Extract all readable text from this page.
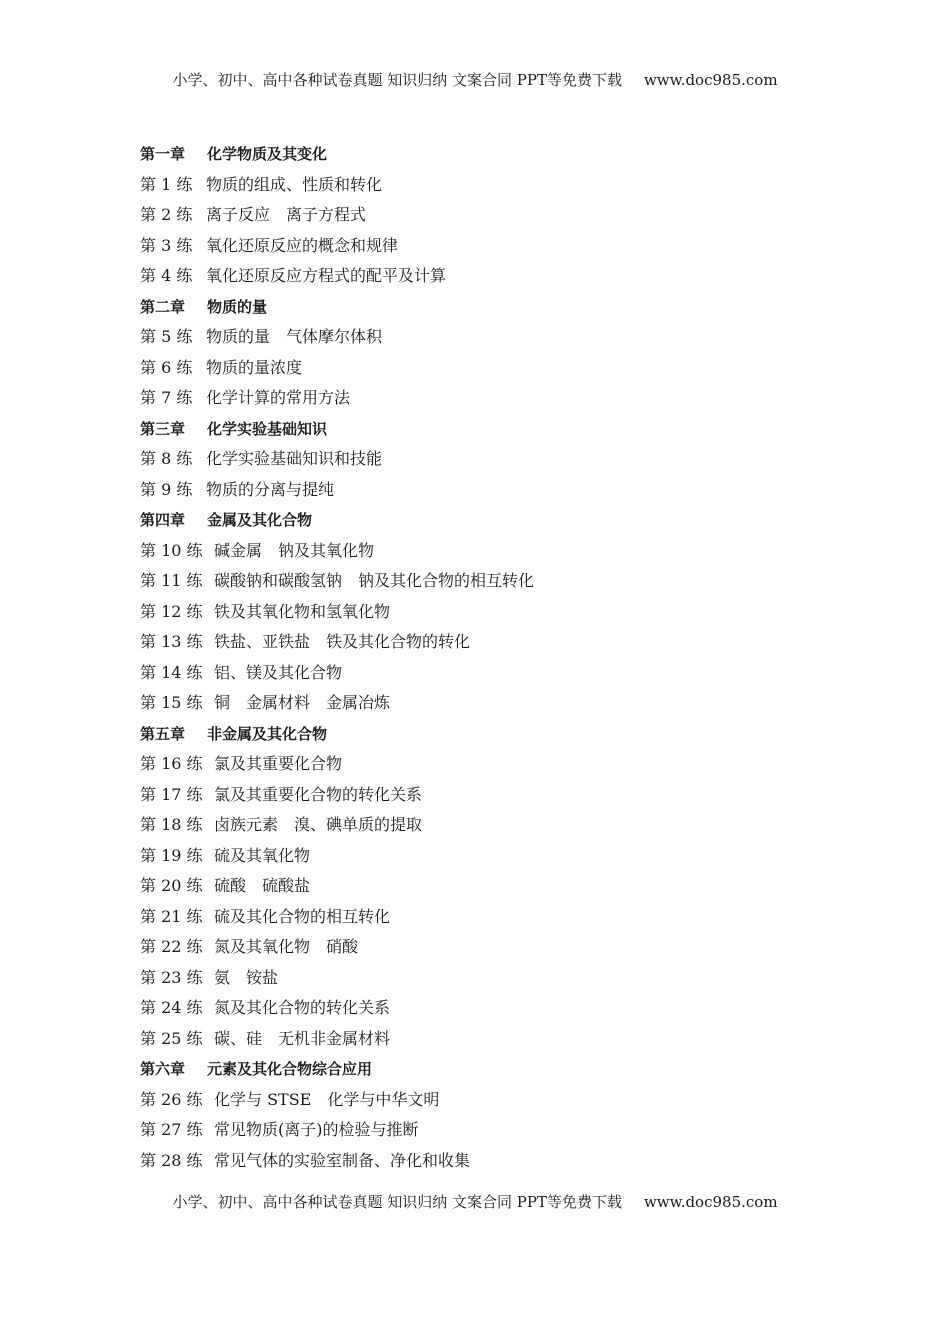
小学、初中、高中各种试卷真题 知识归纳 文案合同 PPT等免费下载 www.doc985.com
第一章 化学物质及其变化
第 1 练 物质的组成、性质和转化
第 2 练 离子反应　离子方程式
第 3 练 氧化还原反应的概念和规律
第 4 练 氧化还原反应方程式的配平及计算
第二章 物质的量
第 5 练 物质的量　气体摩尔体积
第 6 练 物质的量浓度
第 7 练 化学计算的常用方法
第三章 化学实验基础知识
第 8 练 化学实验基础知识和技能
第 9 练 物质的分离与提纯
第四章 金属及其化合物
第 10 练 碱金属　钠及其氧化物
第 11 练 碳酸钠和碳酸氢钠　钠及其化合物的相互转化
第 12 练 铁及其氧化物和氢氧化物
第 13 练 铁盐、亚铁盐　铁及其化合物的转化
第 14 练 铝、镁及其化合物
第 15 练 铜　金属材料　金属冶炼
第五章 非金属及其化合物
第 16 练 氯及其重要化合物
第 17 练 氯及其重要化合物的转化关系
第 18 练 卤族元素　溴、碘单质的提取
第 19 练 硫及其氧化物
第 20 练 硫酸　硫酸盐
第 21 练 硫及其化合物的相互转化
第 22 练 氮及其氧化物　硝酸
第 23 练 氨　铵盐
第 24 练 氮及其化合物的转化关系
第 25 练 碳、硅　无机非金属材料
第六章 元素及其化合物综合应用
第 26 练 化学与 STSE　化学与中华文明
第 27 练 常见物质(离子)的检验与推断
第 28 练 常见气体的实验室制备、净化和收集
小学、初中、高中各种试卷真题 知识归纳 文案合同 PPT等免费下载 www.doc985.com
